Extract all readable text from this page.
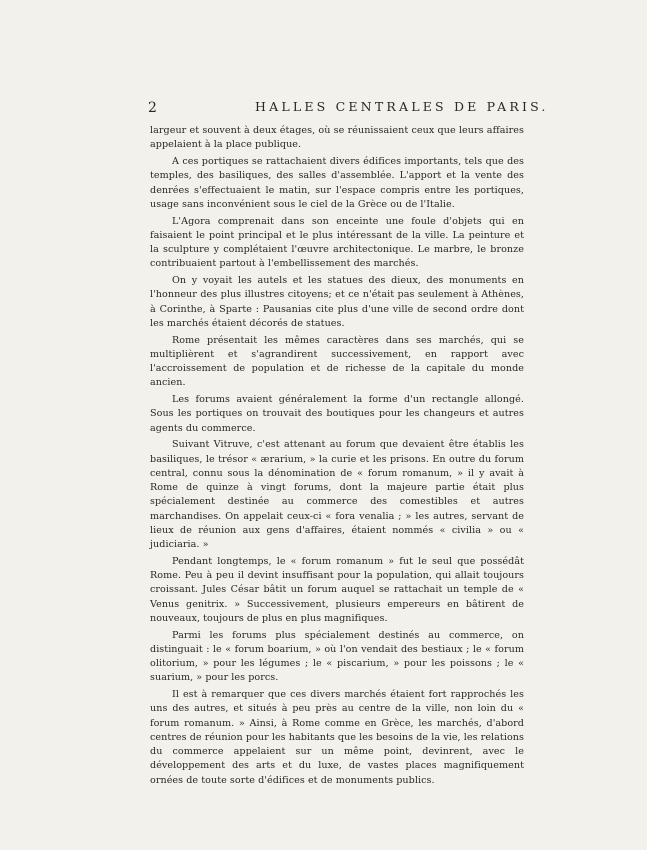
2	HALLES CENTRALES DE PARIS.

largeur et souvent à deux étages, où se réunissaient ceux que leurs affaires appelaient à la place publique.

A ces portiques se rattachaient divers édifices importants, tels que des temples, des basiliques, des salles d'assemblée. L'apport et la vente des denrées s'effectuaient le matin, sur l'espace compris entre les portiques, usage sans inconvénient sous le ciel de la Grèce ou de l'Italie.

L'Agora comprenait dans son enceinte une foule d'objets qui en faisaient le point principal et le plus intéressant de la ville. La peinture et la sculpture y complétaient l'œuvre architectonique. Le marbre, le bronze contribuaient partout à l'embellissement des marchés.

On y voyait les autels et les statues des dieux, des monuments en l'honneur des plus illustres citoyens; et ce n'était pas seulement à Athènes, à Corinthe, à Sparte : Pausanias cite plus d'une ville de second ordre dont les marchés étaient décorés de statues.

Rome présentait les mêmes caractères dans ses marchés, qui se multiplièrent et s'agrandirent successivement, en rapport avec l'accroissement de population et de richesse de la capitale du monde ancien.

Les forums avaient généralement la forme d'un rectangle allongé. Sous les portiques on trouvait des boutiques pour les changeurs et autres agents du commerce.

Suivant Vitruve, c'est attenant au forum que devaient être établis les basiliques, le trésor « ærarium, » la curie et les prisons. En outre du forum central, connu sous la dénomination de « forum romanum, » il y avait à Rome de quinze à vingt forums, dont la majeure partie était plus spécialement destinée au commerce des comestibles et autres marchandises. On appelait ceux-ci « fora venalia ; » les autres, servant de lieux de réunion aux gens d'affaires, étaient nommés « civilia » ou « judiciaria. »

Pendant longtemps, le « forum romanum » fut le seul que possédât Rome. Peu à peu il devint insuffisant pour la population, qui allait toujours croissant. Jules César bâtit un forum auquel se rattachait un temple de « Venus genitrix. » Successivement, plusieurs empereurs en bâtirent de nouveaux, toujours de plus en plus magnifiques.

Parmi les forums plus spécialement destinés au commerce, on distinguait : le « forum boarium, » où l'on vendait des bestiaux ; le « forum olitorium, » pour les légumes ; le « piscarium, » pour les poissons ; le « suarium, » pour les porcs.

Il est à remarquer que ces divers marchés étaient fort rapprochés les uns des autres, et situés à peu près au centre de la ville, non loin du « forum romanum. » Ainsi, à Rome comme en Grèce, les marchés, d'abord centres de réunion pour les habitants que les besoins de la vie, les relations du commerce appelaient sur un même point, devinrent, avec le développement des arts et du luxe, de vastes places magnifiquement ornées de toute sorte d'édifices et de monuments publics.
